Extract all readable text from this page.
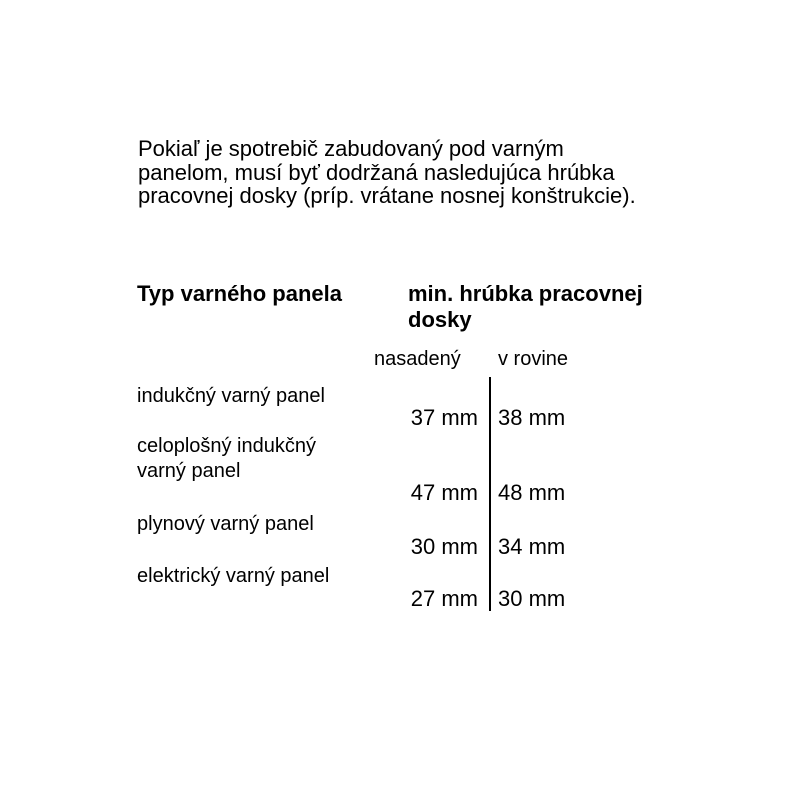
Pokiaľ je spotrebič zabudovaný pod varným panelom, musí byť dodržaná nasledujúca hrúbka pracovnej dosky (príp. vrátane nosnej konštrukcie).

Typ varného panela	min. hrúbka pracovnej dosky

nasadený v rovine

indukčný varný panel

37 mm 38 mm

celoplošný indukčný varný panel

47 mm 48 mm

plynový varný panel

30 mm 34 mm

elektrický varný panel

27 mm 30 mm
